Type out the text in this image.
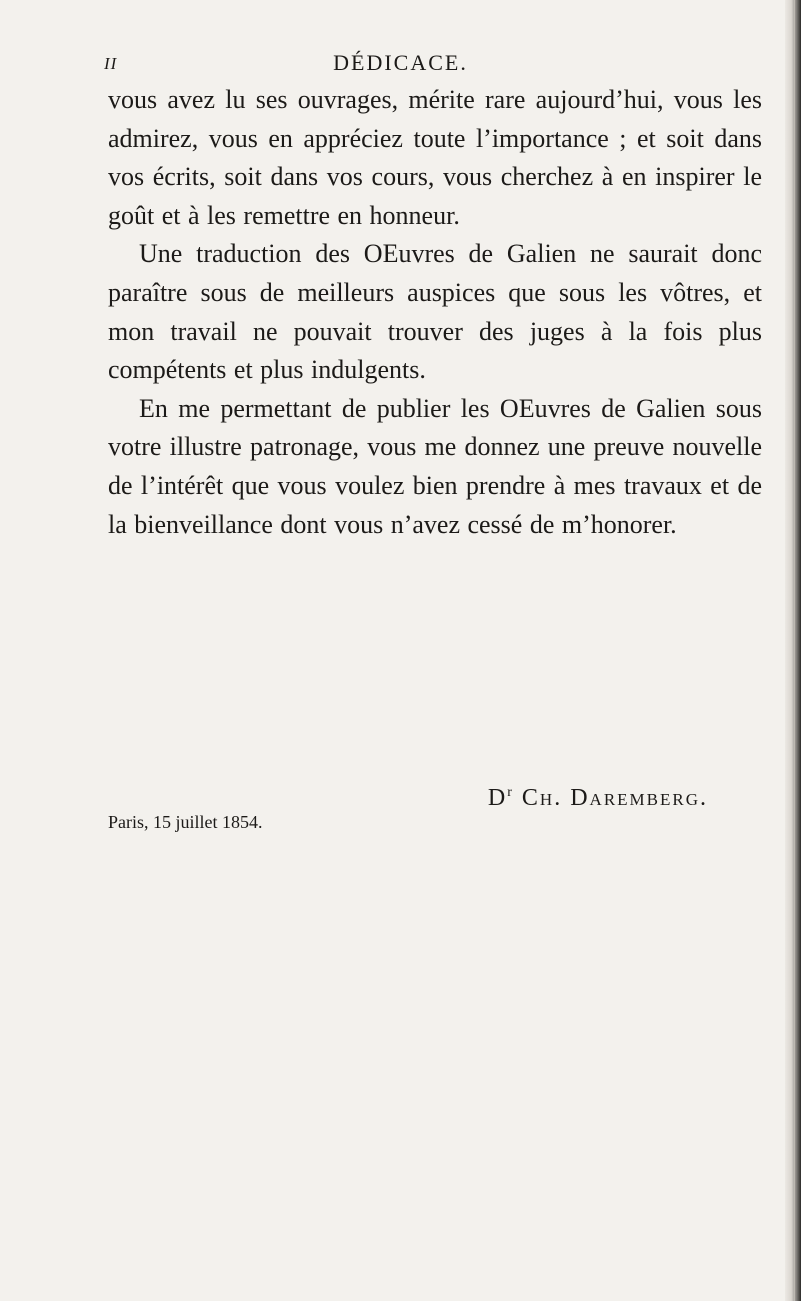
II	DÉDICACE.

vous avez lu ses ouvrages, mérite rare aujourd’hui, vous les admirez, vous en appréciez toute l’importance ; et soit dans vos écrits, soit dans vos cours, vous cherchez à en inspirer le goût et à les remettre en honneur.

Une traduction des OEuvres de Galien ne saurait donc paraître sous de meilleurs auspices que sous les vôtres, et mon travail ne pouvait trouver des juges à la fois plus compétents et plus indulgents.

En me permettant de publier les OEuvres de Galien sous votre illustre patronage, vous me donnez une preuve nouvelle de l’intérêt que vous voulez bien prendre à mes travaux et de la bienveillance dont vous n’avez cessé de m’honorer.

$D^r$ Ch. Daremberg.
Paris, 15 juillet 1854.
